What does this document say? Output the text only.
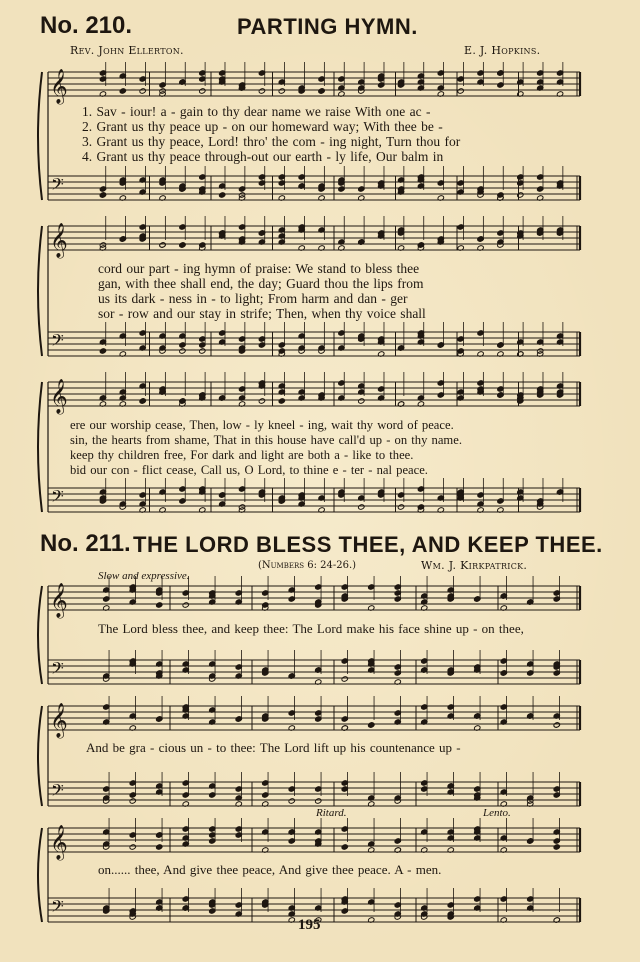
𝄞
𝄢
𝄞
𝄢
𝄞
𝄢
𝄞
𝄢
𝄞
𝄢
𝄞
𝄢
No. 210.	PARTING HYMN.
Rev. John Ellerton.	E. J. Hopkins.
1. Sav - iour! a - gain to thy dear name we raise With one ac -
2. Grant us thy peace up - on our homeward way; With thee be -
3. Grant us thy peace, Lord! thro' the com - ing night, Turn thou for
4. Grant us thy peace through-out our earth - ly life, Our balm in
cord our part - ing hymn of praise: We stand to bless thee
gan, with thee shall end, the day; Guard thou the lips from
us its dark - ness in - to light; From harm and dan - ger
sor - row and our stay in strife; Then, when thy voice shall
ere our worship cease, Then, low - ly kneel - ing, wait thy word of peace.
sin, the hearts from shame, That in this house have call'd up - on thy name.
keep thy children free, For dark and light are both a - like to thee.
bid our con - flict cease, Call us, O Lord, to thine e - ter - nal peace.
No. 211. THE LORD BLESS THEE, AND KEEP THEE.
(Numbers 6: 24-26.)	Wm. J. Kirkpatrick.
Slow and expressive.
The Lord bless thee, and keep thee: The Lord make his face shine up - on thee,
And be gra - cious un - to thee: The Lord lift up his countenance up -
on...... thee, And give thee peace, And give thee peace. A - men.
Ritard.	Lento.
195
